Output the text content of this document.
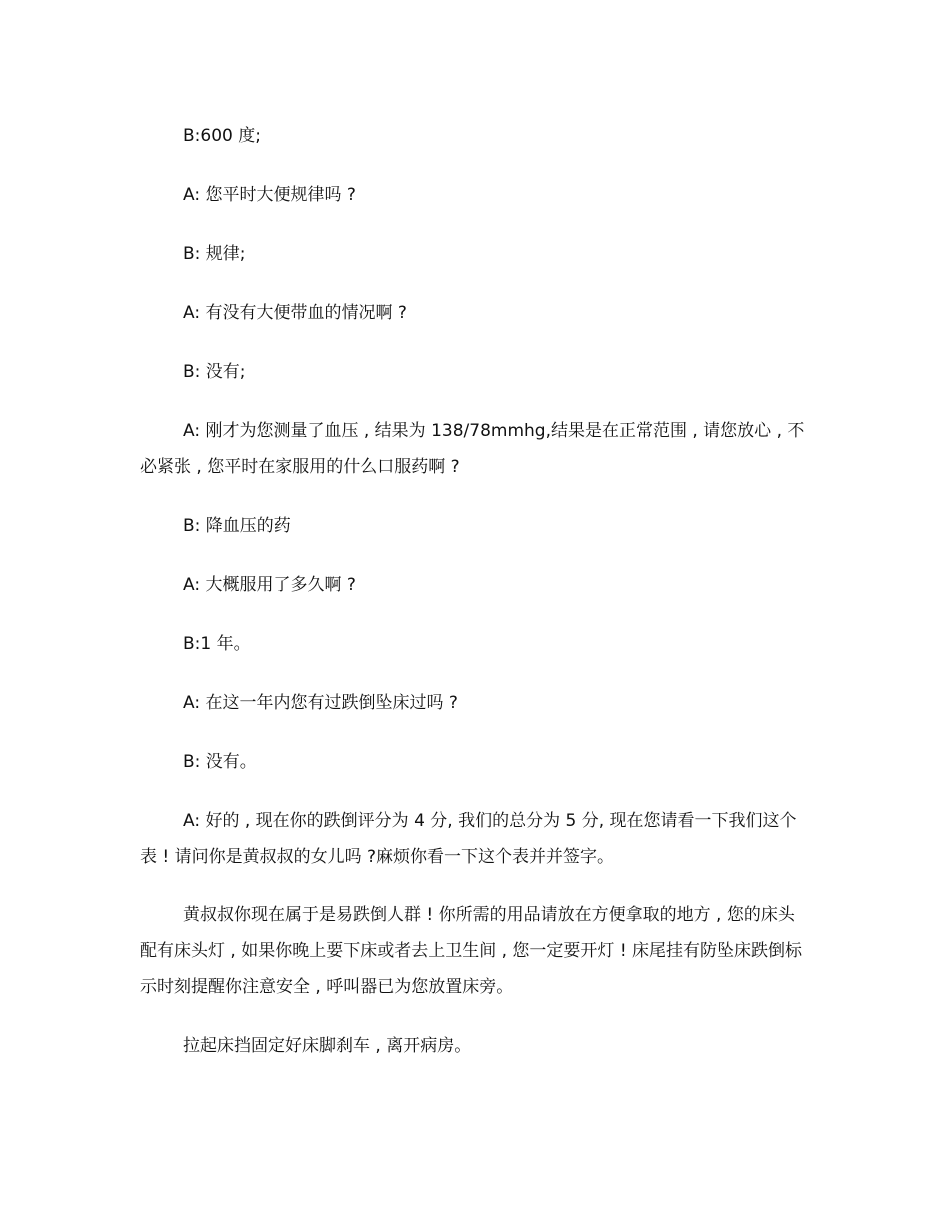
B:600 度;

A: 您平时大便规律吗 ?

B: 规律;

A: 有没有大便带血的情况啊 ?

B: 没有;

A: 刚才为您测量了血压 , 结果为 138/78mmhg,结果是在正常范围 , 请您放心 , 不必紧张 , 您平时在家服用的什么口服药啊 ?

B: 降血压的药

A: 大概服用了多久啊 ?

B:1 年。

A: 在这一年内您有过跌倒坠床过吗 ?

B: 没有。

A: 好的 , 现在你的跌倒评分为 4 分, 我们的总分为 5 分, 现在您请看一下我们这个表 ! 请问你是黄叔叔的女儿吗 ?麻烦你看一下这个表并并签字。

黄叔叔你现在属于是易跌倒人群 ! 你所需的用品请放在方便拿取的地方 , 您的床头配有床头灯 , 如果你晚上要下床或者去上卫生间 , 您一定要开灯 ! 床尾挂有防坠床跌倒标示时刻提醒你注意安全 , 呼叫器已为您放置床旁。

拉起床挡固定好床脚刹车 , 离开病房。
